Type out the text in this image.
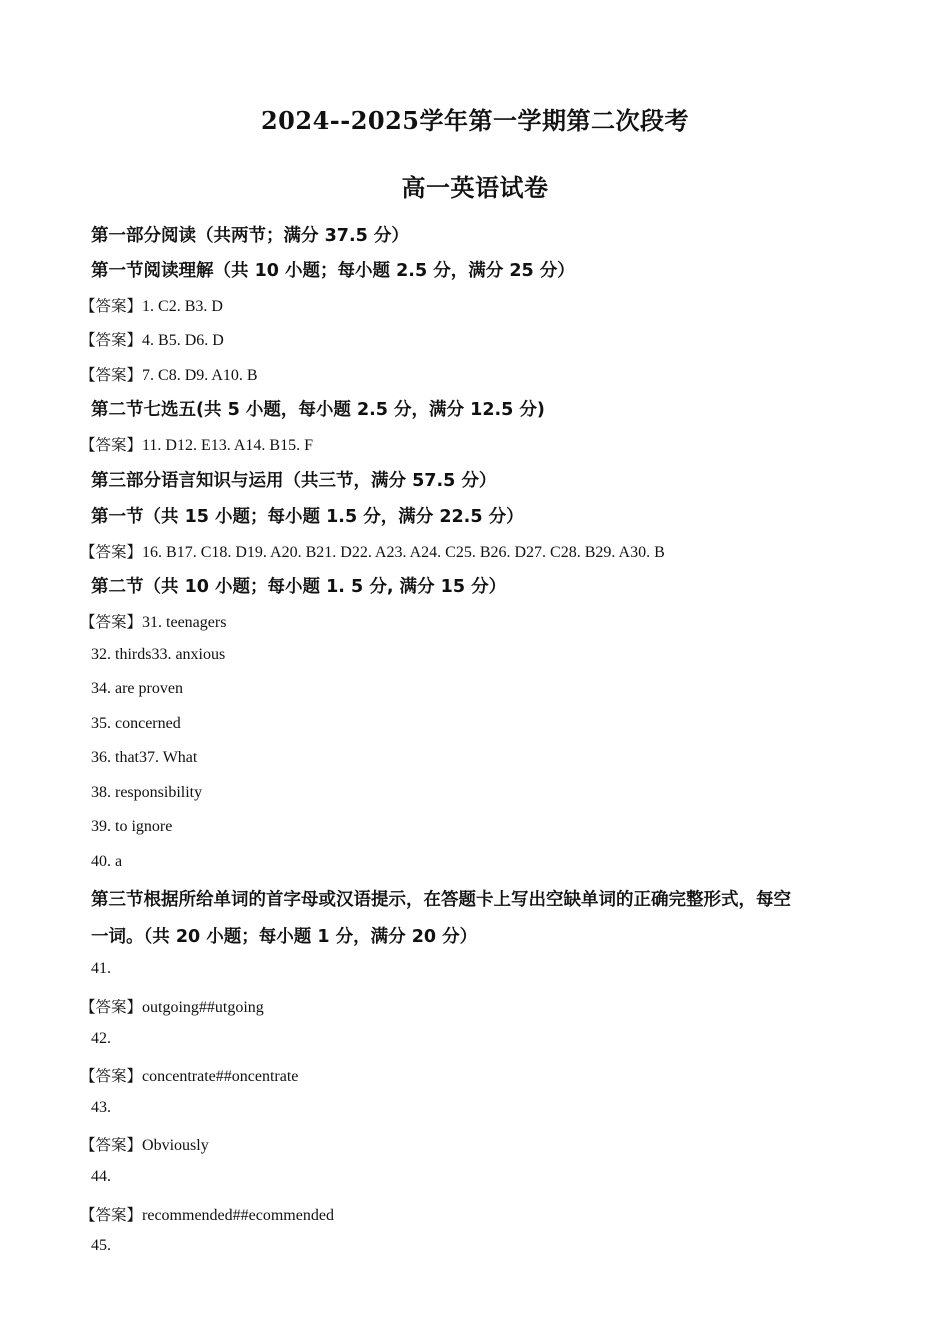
2024--2025学年第一学期第二次段考
高一英语试卷
第一部分阅读（共两节；满分 37.5 分）
第一节阅读理解（共 10 小题；每小题 2.5 分，满分 25 分）
【答案】1. C2. B3. D
【答案】4. B5. D6. D
【答案】7. C8. D9. A10. B
第二节七选五(共 5 小题，每小题 2.5 分，满分 12.5 分)
【答案】11. D12. E13. A14. B15. F
第三部分语言知识与运用（共三节，满分 57.5 分）
第一节（共 15 小题；每小题 1.5 分，满分 22.5 分）
【答案】16. B17. C18. D19. A20. B21. D22. A23. A24. C25. B26. D27. C28. B29. A30. B
第二节（共 10 小题；每小题 1. 5 分, 满分 15 分）
【答案】31. teenagers
32. thirds33. anxious
34. are proven
35. concerned
36. that37. What
38. responsibility
39. to ignore
40. a
第三节根据所给单词的首字母或汉语提示，在答题卡上写出空缺单词的正确完整形式，每空
一词。（共 20 小题；每小题 1 分，满分 20 分）
41.
【答案】outgoing##utgoing
42.
【答案】concentrate##oncentrate
43.
【答案】Obviously
44.
【答案】recommended##ecommended
45.
